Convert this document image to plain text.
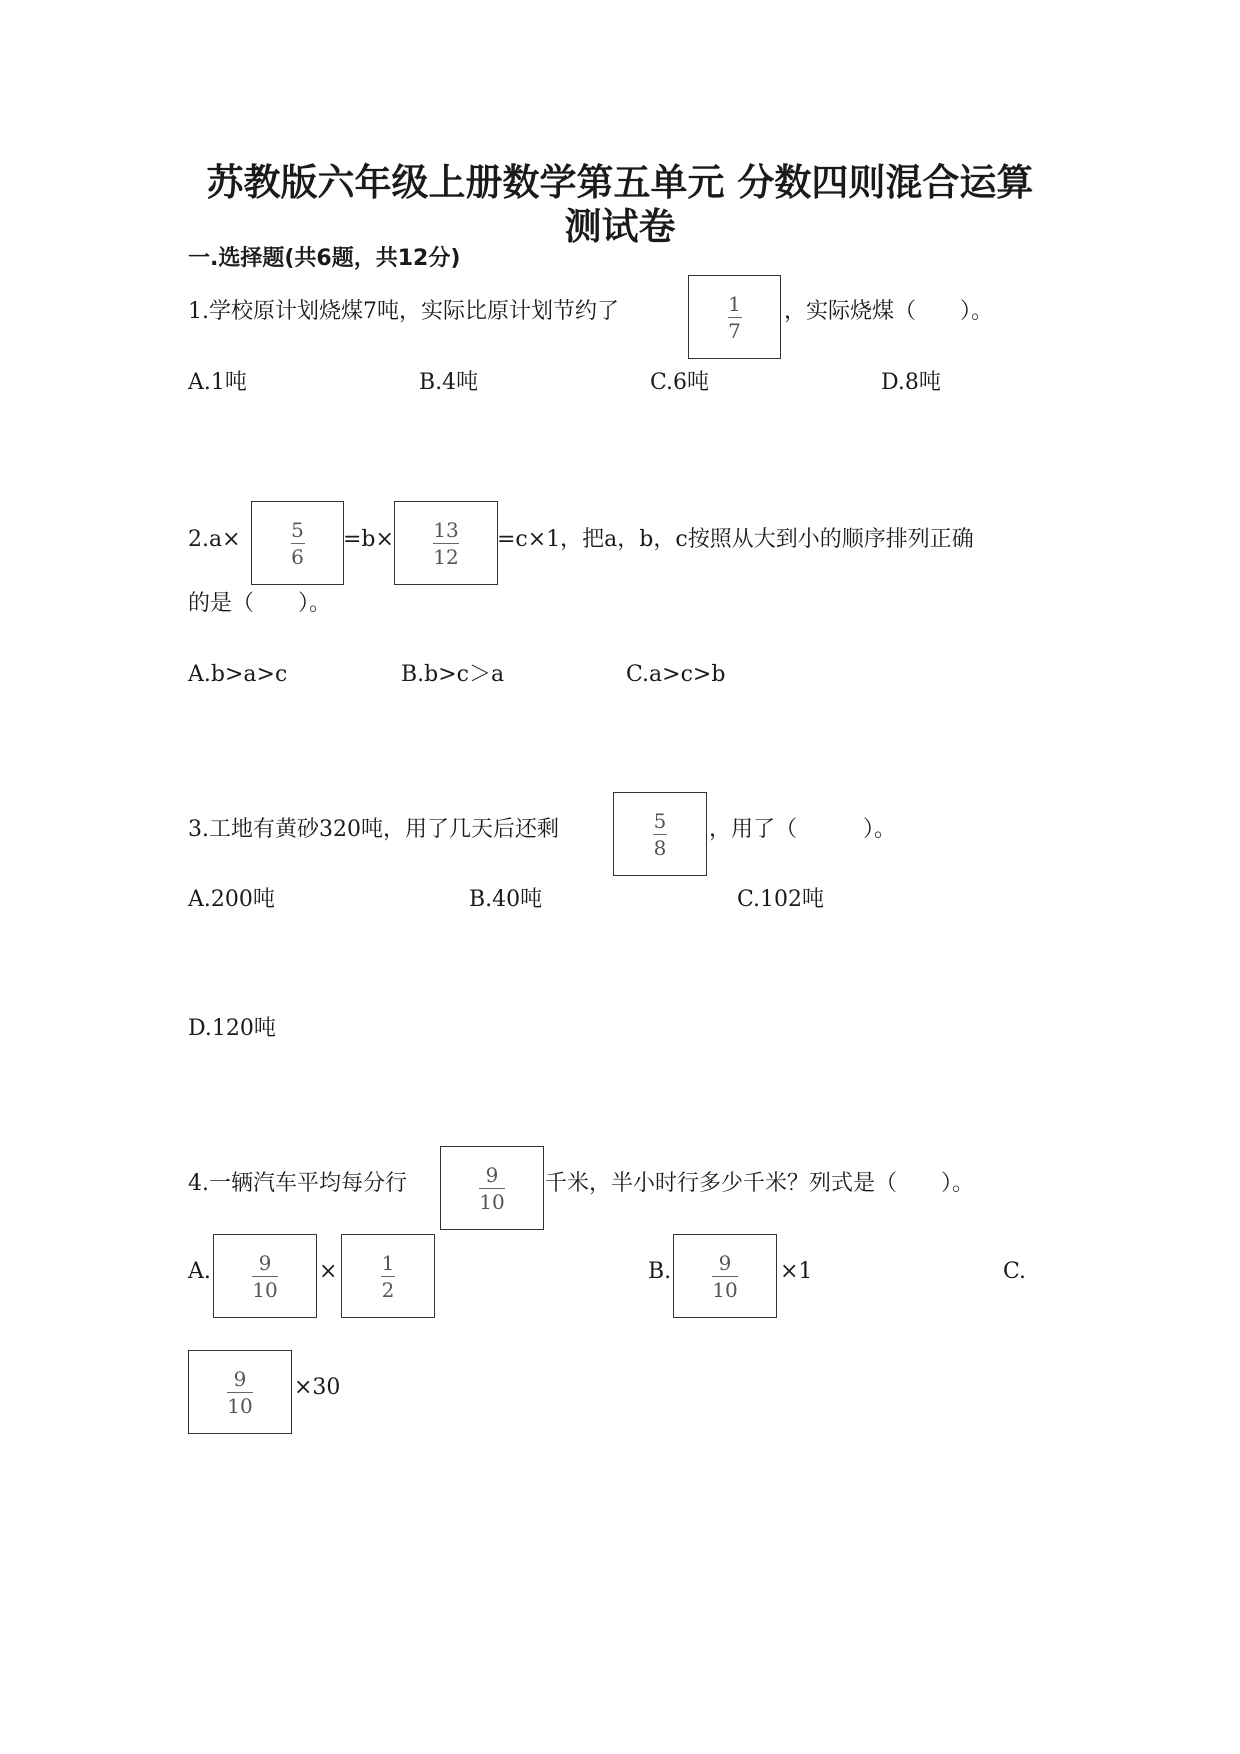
苏教版六年级上册数学第五单元 分数四则混合运算
测试卷
一.选择题(共6题，共12分)
1.学校原计划烧煤7吨，实际比原计划节约了	1
7
，实际烧煤（　　）。
A.1吨	B.4吨	C.6吨	D.8吨
2.a×	5
6
=b× 13
12
=c×1，把a，b，c按照从大到小的顺序排列正确
的是（　　）。
A.b>a>c	B.b>c＞a	C.a>c>b
3.工地有黄砂320吨，用了几天后还剩	5
8
，用了（　　　）。
A.200吨	B.40吨	C.102吨
D.120吨
4.一辆汽车平均每分行	9
10
千米，半小时行多少千米？列式是（　　）。
A. 9
10
× 1
2
B. 9
10
×1	C.
9
10
×30
